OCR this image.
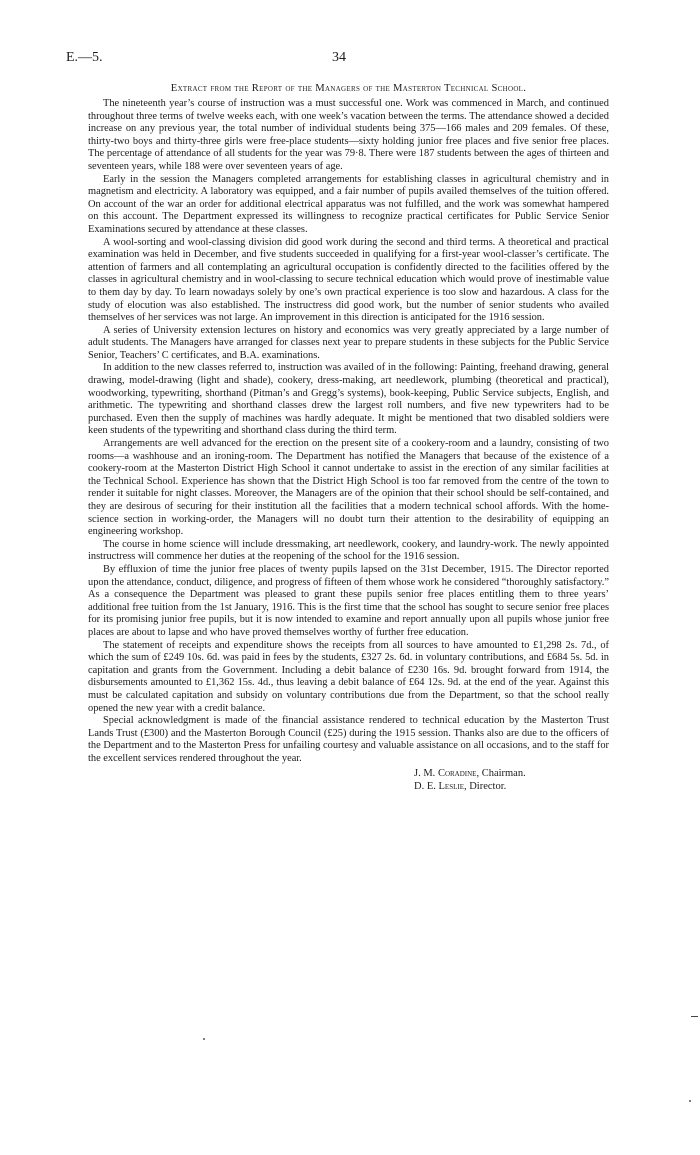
E.—5.	34
Extract from the Report of the Managers of the Masterton Technical School.

The nineteenth year’s course of instruction was a must successful one. Work was commenced in March, and continued throughout three terms of twelve weeks each, with one week’s vacation between the terms. The attendance showed a decided increase on any previous year, the total number of individual students being 375—166 males and 209 females. Of these, thirty-two boys and thirty-three girls were free-place students—sixty holding junior free places and five senior free places. The percentage of attendance of all students for the year was 79·8. There were 187 students between the ages of thirteen and seventeen years, while 188 were over seventeen years of age.

Early in the session the Managers completed arrangements for establishing classes in agricultural chemistry and in magnetism and electricity. A laboratory was equipped, and a fair number of pupils availed themselves of the tuition offered. On account of the war an order for additional electrical apparatus was not fulfilled, and the work was somewhat hampered on this account. The Department expressed its willingness to recognize practical certificates for Public Service Senior Examinations secured by attendance at these classes.

A wool-sorting and wool-classing division did good work during the second and third terms. A theoretical and practical examination was held in December, and five students succeeded in qualifying for a first-year wool-classer’s certificate. The attention of farmers and all contemplating an agricultural occupation is confidently directed to the facilities offered by the classes in agricultural chemistry and in wool-classing to secure technical education which would prove of inestimable value to them day by day. To learn nowadays solely by one’s own practical experience is too slow and hazardous. A class for the study of elocution was also established. The instructress did good work, but the number of senior students who availed themselves of her services was not large. An improvement in this direction is anticipated for the 1916 session.

A series of University extension lectures on history and economics was very greatly appreciated by a large number of adult students. The Managers have arranged for classes next year to prepare students in these subjects for the Public Service Senior, Teachers’ C certificates, and B.A. examinations.

In addition to the new classes referred to, instruction was availed of in the following: Painting, freehand drawing, general drawing, model-drawing (light and shade), cookery, dress-making, art needlework, plumbing (theoretical and practical), woodworking, typewriting, shorthand (Pitman’s and Gregg’s systems), book-keeping, Public Service subjects, English, and arithmetic. The typewriting and shorthand classes drew the largest roll numbers, and five new typewriters had to be purchased. Even then the supply of machines was hardly adequate. It might be mentioned that two disabled soldiers were keen students of the typewriting and shorthand class during the third term.

Arrangements are well advanced for the erection on the present site of a cookery-room and a laundry, consisting of two rooms—a washhouse and an ironing-room. The Department has notified the Managers that because of the existence of a cookery-room at the Masterton District High School it cannot undertake to assist in the erection of any similar facilities at the Technical School. Experience has shown that the District High School is too far removed from the centre of the town to render it suitable for night classes. Moreover, the Managers are of the opinion that their school should be self-contained, and they are desirous of securing for their institution all the facilities that a modern technical school affords. With the home-science section in working-order, the Managers will no doubt turn their attention to the desirability of equipping an engineering workshop.

The course in home science will include dressmaking, art needlework, cookery, and laundry-work. The newly appointed instructress will commence her duties at the reopening of the school for the 1916 session.

By effluxion of time the junior free places of twenty pupils lapsed on the 31st December, 1915. The Director reported upon the attendance, conduct, diligence, and progress of fifteen of them whose work he considered “thoroughly satisfactory.” As a consequence the Department was pleased to grant these pupils senior free places entitling them to three years’ additional free tuition from the 1st January, 1916. This is the first time that the school has sought to secure senior free places for its promising junior free pupils, but it is now intended to examine and report annually upon all pupils whose junior free places are about to lapse and who have proved themselves worthy of further free education.

The statement of receipts and expenditure shows the receipts from all sources to have amounted to £1,298 2s. 7d., of which the sum of £249 10s. 6d. was paid in fees by the students, £327 2s. 6d. in voluntary contributions, and £684 5s. 5d. in capitation and grants from the Government. Including a debit balance of £230 16s. 9d. brought forward from 1914, the disbursements amounted to £1,362 15s. 4d., thus leaving a debit balance of £64 12s. 9d. at the end of the year. Against this must be calculated capitation and subsidy on voluntary contributions due from the Department, so that the school really opened the new year with a credit balance.

Special acknowledgment is made of the financial assistance rendered to technical education by the Masterton Trust Lands Trust (£300) and the Masterton Borough Council (£25) during the 1915 session. Thanks also are due to the officers of the Department and to the Masterton Press for unfailing courtesy and valuable assistance on all occasions, and to the staff for the excellent services rendered throughout the year.

J. M. Coradine, Chairman.
D. E. Leslie, Director.
